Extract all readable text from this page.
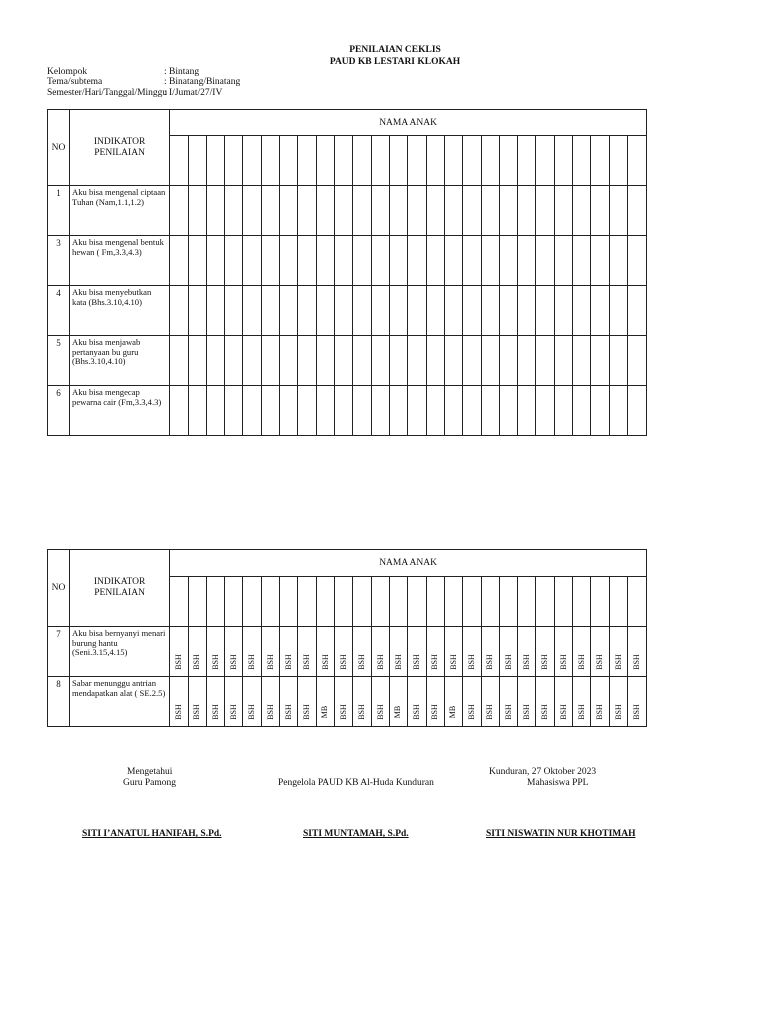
PENILAIAN CEKLIS
PAUD KB LESTARI KLOKAH
Kelompok	: Bintang
Tema/subtema	: Binatang/Binatang
Semester/Hari/Tanggal/Minggu
: I/Jumat/27/IV
NO	INDIKATOR
PENILAIAN	NAMA ANAK																									

1	Aku bisa mengenal ciptaan Tuhan (Nam,1.1,1.2)																										
3	Aku bisa mengenal bentuk hewan ( Fm,3.3,4.3)																										
4	Aku bisa menyebutkan kata (Bhs.3.10,4.10)																										
5	Aku bisa menjawab pertanyaan bu guru (Bhs.3.10,4.10)																										
6	Aku bisa mengecap pewarna cair (Fm,3.3,4.3)																										
NO	INDIKATOR
PENILAIAN	NAMA ANAK																									

7	Aku bisa bernyanyi menari burung hantu (Seni.3.15,4.15)	BSH	BSH	BSH	BSH	BSH	BSH	BSH	BSH	BSH	BSH	BSH	BSH	BSH	BSH	BSH	BSH	BSH	BSH	BSH	BSH	BSH	BSH	BSH	BSH	BSH	BSH
8	Sabar menunggu antrian mendapatkan alat ( SE.2.5)	BSH	BSH	BSH	BSH	BSH	BSH	BSH	BSH	MB	BSH	BSH	BSH	MB	BSH	BSH	MB	BSH	BSH	BSH	BSH	BSH	BSH	BSH	BSH	BSH	BSH
Mengetahui
Guru Pamong	Pengelola PAUD KB Al-Huda Kunduran
Kunduran, 27 Oktober 2023
Mahasiswa PPL
SITI I’ANATUL HANIFAH, S.Pd.	SITI MUNTAMAH, S.Pd.	SITI NISWATIN NUR KHOTIMAH
